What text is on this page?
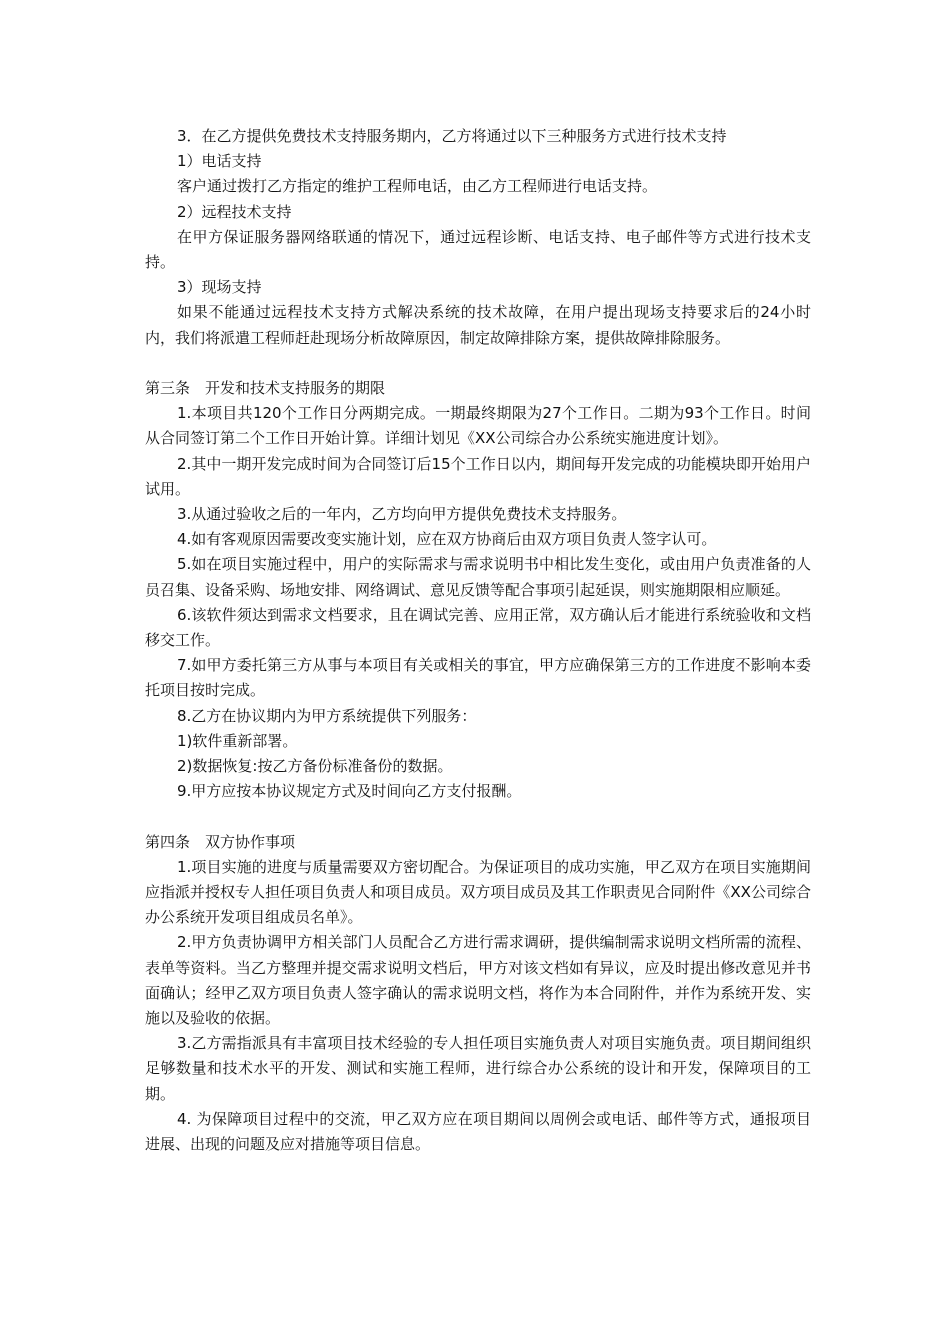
3．在乙方提供免费技术支持服务期内，乙方将通过以下三种服务方式进行技术支持

1）电话支持

客户通过拨打乙方指定的维护工程师电话，由乙方工程师进行电话支持。

2）远程技术支持

在甲方保证服务器网络联通的情况下，通过远程诊断、电话支持、电子邮件等方式进行技术支持。

3）现场支持

如果不能通过远程技术支持方式解决系统的技术故障，在用户提出现场支持要求后的24小时内，我们将派遣工程师赶赴现场分析故障原因，制定故障排除方案，提供故障排除服务。

第三条　开发和技术支持服务的期限

1.本项目共120个工作日分两期完成。一期最终期限为27个工作日。二期为93个工作日。时间从合同签订第二个工作日开始计算。详细计划见《XX公司综合办公系统实施进度计划》。

2.其中一期开发完成时间为合同签订后15个工作日以内，期间每开发完成的功能模块即开始用户试用。

3.从通过验收之后的一年内，乙方均向甲方提供免费技术支持服务。

4.如有客观原因需要改变实施计划，应在双方协商后由双方项目负责人签字认可。

5.如在项目实施过程中，用户的实际需求与需求说明书中相比发生变化，或由用户负责准备的人员召集、设备采购、场地安排、网络调试、意见反馈等配合事项引起延误，则实施期限相应顺延。

6.该软件须达到需求文档要求，且在调试完善、应用正常，双方确认后才能进行系统验收和文档移交工作。

7.如甲方委托第三方从事与本项目有关或相关的事宜，甲方应确保第三方的工作进度不影响本委托项目按时完成。

8.乙方在协议期内为甲方系统提供下列服务：

1)软件重新部署。

2)数据恢复:按乙方备份标准备份的数据。

9.甲方应按本协议规定方式及时间向乙方支付报酬。

第四条　双方协作事项

1.项目实施的进度与质量需要双方密切配合。为保证项目的成功实施，甲乙双方在项目实施期间应指派并授权专人担任项目负责人和项目成员。双方项目成员及其工作职责见合同附件《XX公司综合办公系统开发项目组成员名单》。

2.甲方负责协调甲方相关部门人员配合乙方进行需求调研，提供编制需求说明文档所需的流程、表单等资料。当乙方整理并提交需求说明文档后，甲方对该文档如有异议，应及时提出修改意见并书面确认；经甲乙双方项目负责人签字确认的需求说明文档，将作为本合同附件，并作为系统开发、实施以及验收的依据。

3.乙方需指派具有丰富项目技术经验的专人担任项目实施负责人对项目实施负责。项目期间组织足够数量和技术水平的开发、测试和实施工程师，进行综合办公系统的设计和开发，保障项目的工期。

4. 为保障项目过程中的交流，甲乙双方应在项目期间以周例会或电话、邮件等方式，通报项目进展、出现的问题及应对措施等项目信息。
